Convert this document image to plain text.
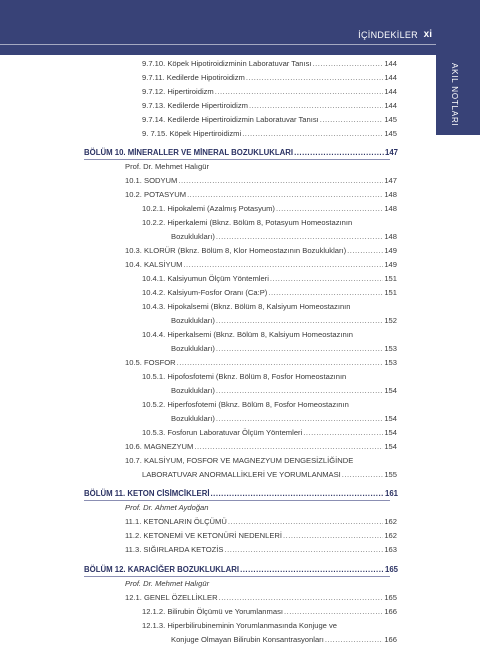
İÇİNDEKİLER xi
AKIL NOTLARI
9.7.10. Köpek Hipotiroidizminin Laboratuvar Tanısı .....	144
9.7.11. Kedilerde Hipotiroidizm .....	144
9.7.12. Hipertiroidizm .....	144
9.7.13. Kedilerde Hipertiroidizm .....	144
9.7.14. Kedilerde Hipertiroidizmin Laboratuvar Tanısı .....	145
9. 7.15. Köpek Hipertiroidizmi .....	145
BÖLÜM 10. MİNERALLER VE MİNERAL BOZUKLUKLARI .....	147
Prof. Dr. Mehmet Halıgür
10.1. SODYUM .....	147
10.2. POTASYUM .....	148
10.2.1. Hipokalemi (Azalmış Potasyum) .....	148
10.2.2. Hiperkalemi (Bknz. Bölüm 8, Potasyum Homeostazının
Bozuklukları) .....	148
10.3. KLORÜR (Bknz. Bölüm 8, Klor Homeostazının Bozuklukları) .....	149
10.4. KALSİYUM .....	149
10.4.1. Kalsiyumun Ölçüm Yöntemleri .....	151
10.4.2. Kalsiyum-Fosfor Oranı (Ca:P) .....	151
10.4.3. Hipokalsemi (Bknz. Bölüm 8, Kalsiyum Homeostazının
Bozuklukları) .....	152
10.4.4. Hiperkalsemi (Bknz. Bölüm 8, Kalsiyum Homeostazının
Bozuklukları) .....	153
10.5. FOSFOR .....	153
10.5.1. Hipofosfotemi (Bknz. Bölüm 8, Fosfor Homeostazının
Bozuklukları) .....	154
10.5.2. Hiperfosfotemi (Bknz. Bölüm 8, Fosfor Homeostazının
Bozuklukları) .....	154
10.5.3. Fosforun Laboratuvar Ölçüm Yöntemleri .....	154
10.6. MAGNEZYUM .....	154
10.7. KALSİYUM, FOSFOR VE MAGNEZYUM DENGESİZLİĞİNDE
LABORATUVAR ANORMALLİKLERİ VE YORUMLANMASI .....	155
BÖLÜM 11. KETON CİSİMCİKLERİ .....	161
Prof. Dr. Ahmet Aydoğan
11.1. KETONLARIN ÖLÇÜMÜ .....	162
11.2. KETONEMİ VE KETONÜRİ NEDENLERİ .....	162
11.3. SIĞIRLARDA KETOZİS .....	163
BÖLÜM 12. KARACİĞER BOZUKLUKLARI .....	165
Prof. Dr. Mehmet Halıgür
12.1. GENEL ÖZELLİKLER .....	165
12.1.2. Bilirubin Ölçümü ve Yorumlanması .....	166
12.1.3. Hiperbilirubineminin Yorumlanmasında Konjuge ve
Konjuge Olmayan Bilirubin Konsantrasyonları .....	166
